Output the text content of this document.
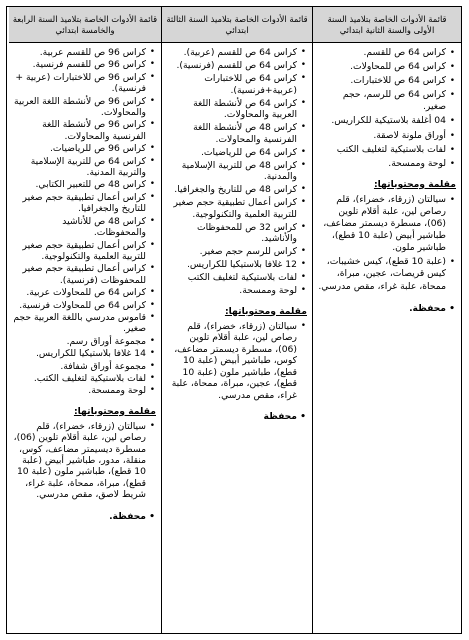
قائمة الأدوات الخاصة بتلاميذ السنة الأولى والسنة الثانية ابتدائي
قائمة الأدوات الخاصة بتلاميذ السنة الثالثة ابتدائي
قائمة الأدوات الخاصة بتلاميذ السنة الرابعة والخامسة ابتدائي
• كراس 64 ص للقسم.
• كراس 64 ص للمحاولات.
• كراس 64 ص للاختبارات.
• كراس 64 ص للرسم، حجم صغير.
• 04 أغلفة بلاستيكية للكراريس.
• أوراق ملونة لاصقة.
• لفات بلاستيكية لتغليف الكتب
• لوحة وممسحة.
مقلمة ومحتوياتها:
• سيالتان (زرقاء، خضراء)، قلم رصاص لين، علبة أقلام تلوين (06)، مسطرة ديسمتر مضاعف، طباشير أبيض (علبة 10 قطع)، طباشير ملون.
• (علبة 10 قطع)، كيس خشيبات، كيس قريصات، عجين، مبراة، ممحاة، علبة غراء، مقص مدرسي.
• محفظة.
• كراس 64 ص للقسم (عربية).
• كراس 64 ص للقسم (فرنسية).
• كراس 64 ص للاختبارات (عربية+فرنسية).
• كراس 64 ص لأنشطة اللغة العربية والمحاولات.
• كراس 48 ص لأنشطة اللغة الفرنسية والمحاولات.
• كراس 64 ص للرياضيات.
• كراس 48 ص للتربية الإسلامية والمدنية.
• كراس 48 ص للتاريخ والجغرافيا.
• كراس أعمال تطبيقية حجم صغير للتربية العلمية والتكنولوجية.
• كراس 32 ص للمحفوظات والأناشيد.
• كراس للرسم حجم صغير.
• 12 غلافا بلاستيكيا للكراريس.
• لفات بلاستيكية لتغليف الكتب
• لوحة وممسحة.
مقلمة ومحتوياتها:
• سيالتان (زرقاء، خضراء)، قلم رصاص لين، علبة أقلام تلوين (06)، مسطرة ديسمتر مضاعف، كوس، طباشير أبيض (علبة 10 قطع)، طباشير ملون (علبة 10 قطع)، عجين، مبراة، ممحاة، علبة غراء، مقص مدرسي.
• محفظة
• كراس 96 ص للقسم عربية.
• كراس 96 ص للقسم فرنسية.
• كراس 96 ص للاختبارات (عربية + فرنسية).
• كراس 96 ص لأنشطة اللغة العربية والمحاولات.
• كراس 96 ص لأنشطة اللغة الفرنسية والمحاولات.
• كراس 96 ص للرياضيات.
• كراس 64 ص للتربية الإسلامية والتربية المدنية.
• كراس 48 ص للتعبير الكتابي.
• كراس أعمال تطبيقية حجم صغير للتاريخ والجغرافيا.
• كراس 48 ص للأناشيد والمحفوظات.
• كراس أعمال تطبيقية حجم صغير للتربية العلمية والتكنولوجية.
• كراس أعمال تطبيقية حجم صغير للمحفوظات (فرنسية).
• كراس 64 ص للمحاولات عربية.
• كراس 64 ص للمحاولات فرنسية.
• قاموس مدرسي باللغة العربية حجم صغير.
• مجموعة أوراق رسم.
• 14 غلافا بلاستيكيا للكراريس.
• مجموعة أوراق شفافة.
• لفات بلاستيكية لتغليف الكتب.
• لوحة وممسحة.
مقلمة ومحتوياتها:
• سيالتان (زرقاء، خضراء)، قلم رصاص لين، علبة أقلام تلوين (06)، مسطرة ديسيمتر مضاعف، كوس، منقلة، مدور، طباشير أبيض (علبة 10 قطع)، طباشير ملون (علبة 10 قطع)، مبراة، ممحاة، علبة غراء، شريط لاصق، مقص مدرسي.
• محفظة.
